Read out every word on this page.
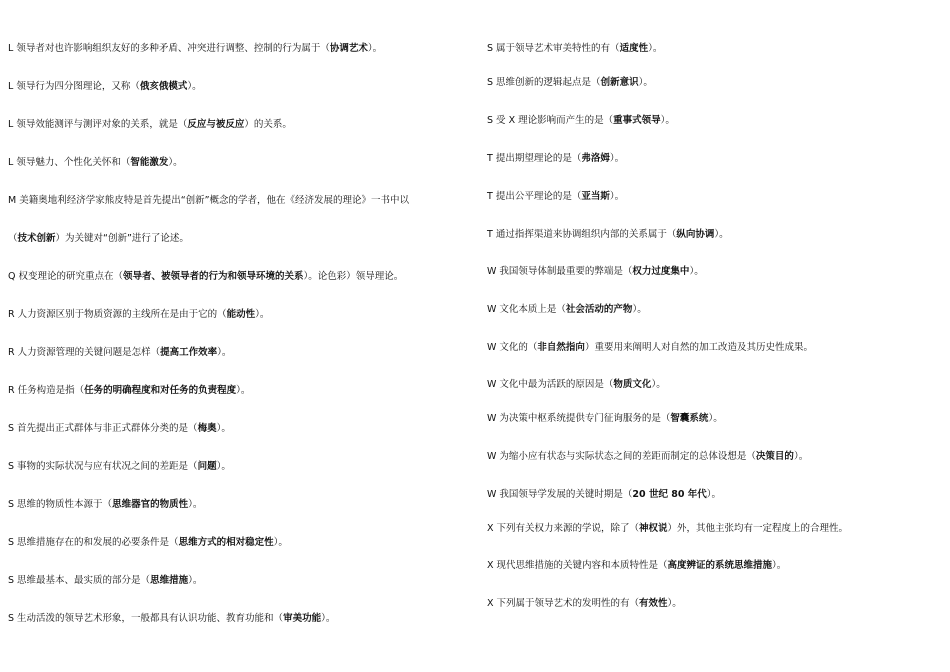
L 领导者对也许影响组织友好的多种矛盾、冲突进行调整、控制的行为属于（协调艺术）。
L 领导行为四分图理论，又称（俄亥俄模式）。
L 领导效能测评与测评对象的关系，就是（反应与被反应）的关系。
L 领导魅力、个性化关怀和（智能激发）。
M 美籍奥地利经济学家熊皮特是首先提出“创新”概念的学者，他在《经济发展的理论》一书中以
（技术创新）为关键对“创新”进行了论述。
Q 权变理论的研究重点在（领导者、被领导者的行为和领导环境的关系）。论色彩）领导理论。
R 人力资源区别于物质资源的主线所在是由于它的（能动性）。
R 人力资源管理的关键问题是怎样（提高工作效率）。
R 任务构造是指（任务的明确程度和对任务的负责程度）。
S 首先提出正式群体与非正式群体分类的是（梅奥）。
S 事物的实际状况与应有状况之间的差距是（问题）。
S 思维的物质性本源于（思维器官的物质性）。
S 思维措施存在的和发展的必要条件是（思维方式的相对稳定性）。
S 思维最基本、最实质的部分是（思维措施）。
S 生动活泼的领导艺术形象，一般都具有认识功能、教育功能和（审美功能）。
S 属于领导艺术审美特性的有（适度性）。
S 思维创新的逻辑起点是（创新意识）。
S 受 X 理论影响而产生的是（重事式领导）。
T 提出期望理论的是（弗洛姆）。
T 提出公平理论的是（亚当斯）。
T 通过指挥渠道来协调组织内部的关系属于（纵向协调）。
W 我国领导体制最重要的弊端是（权力过度集中）。
W 文化本质上是（社会活动的产物）。
W 文化的（非自然指向）重要用来阐明人对自然的加工改造及其历史性成果。
W 文化中最为活跃的原因是（物质文化）。
W 为决策中枢系统提供专门征询服务的是（智囊系统）。
W 为缩小应有状态与实际状态之间的差距而制定的总体设想是（决策目的）。
W 我国领导学发展的关键时期是（20 世纪 80 年代）。
X 下列有关权力来源的学说，除了（神权说）外，其他主张均有一定程度上的合理性。
X 现代思维措施的关键内容和本质特性是（高度辨证的系统思维措施）。
X 下列属于领导艺术的发明性的有（有效性）。
